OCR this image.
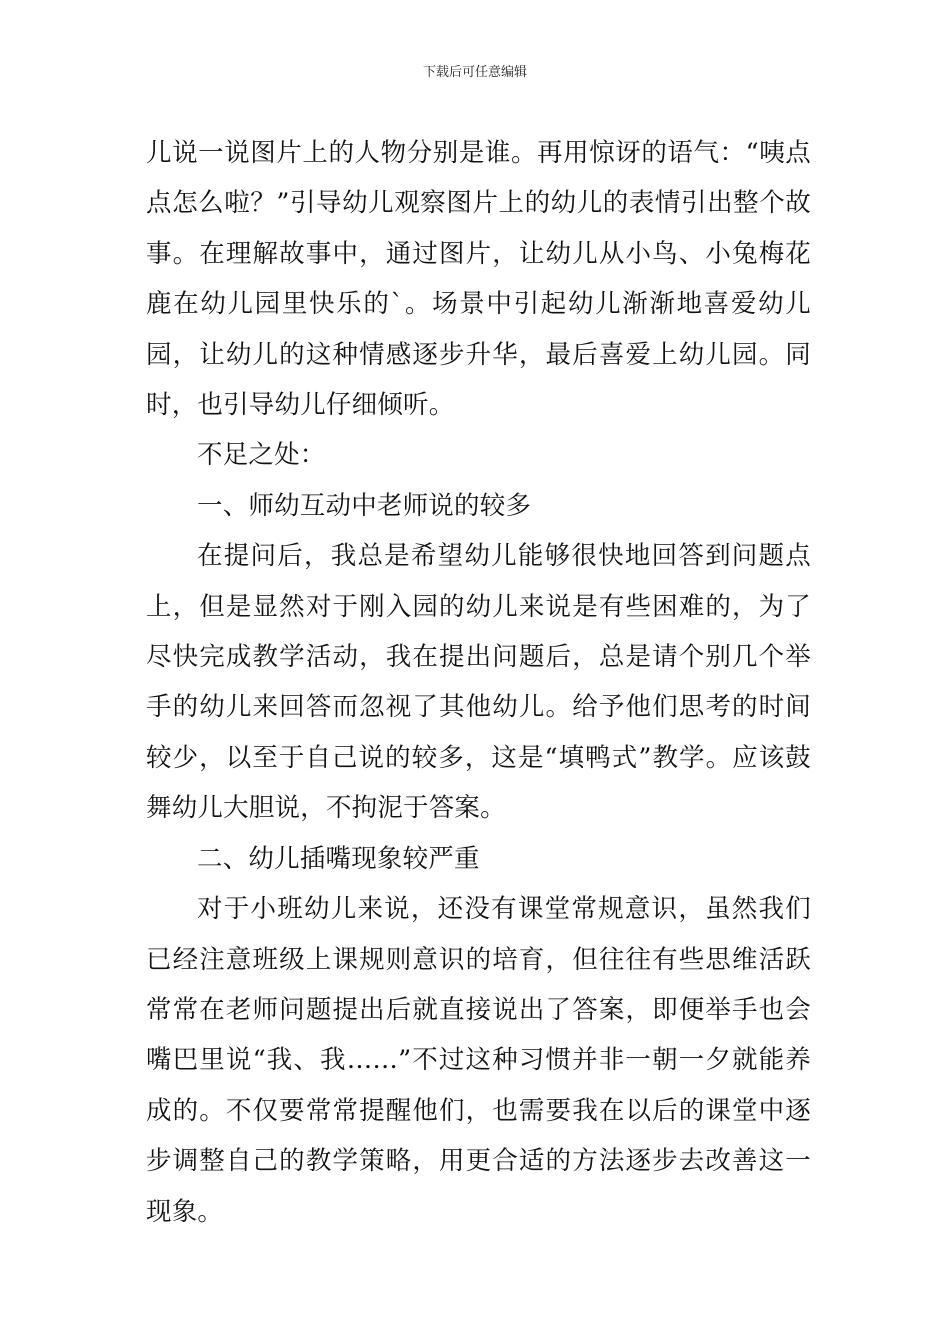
下载后可任意编辑

儿说一说图片上的人物分别是谁。再用惊讶的语气：“咦点点怎么啦？”引导幼儿观察图片上的幼儿的表情引出整个故事。在理解故事中，通过图片，让幼儿从小鸟、小兔梅花鹿在幼儿园里快乐的`。场景中引起幼儿渐渐地喜爱幼儿园，让幼儿的这种情感逐步升华，最后喜爱上幼儿园。同时，也引导幼儿仔细倾听。

不足之处：

一、师幼互动中老师说的较多

在提问后，我总是希望幼儿能够很快地回答到问题点上，但是显然对于刚入园的幼儿来说是有些困难的，为了尽快完成教学活动，我在提出问题后，总是请个别几个举手的幼儿来回答而忽视了其他幼儿。给予他们思考的时间较少，以至于自己说的较多，这是“填鸭式”教学。应该鼓舞幼儿大胆说，不拘泥于答案。

二、幼儿插嘴现象较严重

对于小班幼儿来说，还没有课堂常规意识，虽然我们已经注意班级上课规则意识的培育，但往往有些思维活跃常常在老师问题提出后就直接说出了答案，即便举手也会嘴巴里说“我、我……”不过这种习惯并非一朝一夕就能养成的。不仅要常常提醒他们，也需要我在以后的课堂中逐步调整自己的教学策略，用更合适的方法逐步去改善这一现象。
